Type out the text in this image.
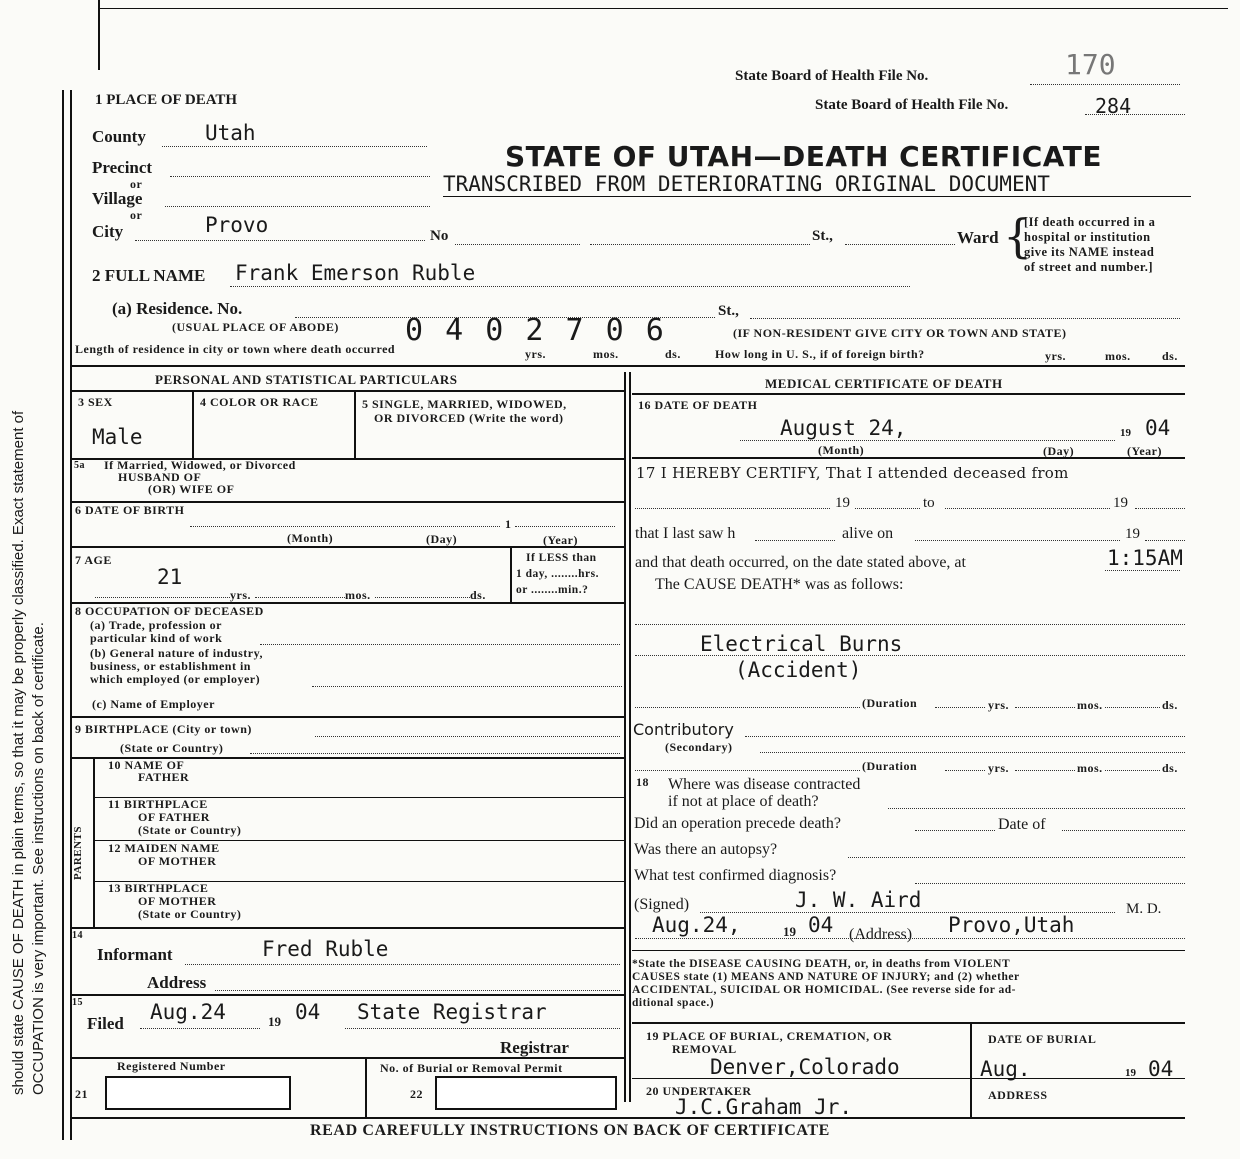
should state CAUSE OF DEATH in plain terms, so that it may be properly classified. Exact statement of OCCUPATION is very important. See instructions on back of certificate.
State Board of Health File No.	170
State Board of Health File No.	284
1 PLACE OF DEATH
County	Utah
Precinct
or
Village
or
City	Provo	No	St.,	Ward {
[If death occurred in a
hospital or institution
give its NAME instead
of street and number.]
STATE OF UTAH—DEATH CERTIFICATE
TRANSCRIBED FROM DETERIORATING ORIGINAL DOCUMENT
2 FULL NAME Frank Emerson Ruble
(a) Residence. No.	St.,
(USUAL PLACE OF ABODE)	(IF NON-RESIDENT GIVE CITY OR TOWN AND STATE)
0 4 0 2 7 0 6
Length of residence in city or town where death occurred	yrs.	mos.	ds.	How long in U. S., if of foreign birth?	yrs.	mos.	ds.
PERSONAL AND STATISTICAL PARTICULARS	MEDICAL CERTIFICATE OF DEATH
3 SEX
Male
4 COLOR OR RACE	5 SINGLE, MARRIED, WIDOWED,
OR DIVORCED (Write the word)
5a If Married, Widowed, or Divorced
HUSBAND OF
(OR) WIFE OF
6 DATE OF BIRTH
1
(Month)	(Day)	(Year)
7 AGE
21
yrs.	mos.	ds.
If LESS than
1 day, ........hrs.
or ........min.?
8 OCCUPATION OF DECEASED
(a) Trade, profession or
particular kind of work
(b) General nature of industry,
business, or establishment in
which employed (or employer)
(c) Name of Employer
9 BIRTHPLACE (City or town)
(State or Country)
PARENTS
10 NAME OF
FATHER
11 BIRTHPLACE
OF FATHER
(State or Country)
12 MAIDEN NAME
OF MOTHER
13 BIRTHPLACE
OF MOTHER
(State or Country)
14
Informant	Fred Ruble
Address
15
Filed Aug.24	19 04 State Registrar
Registrar
Registered Number	No. of Burial or Removal Permit
21	22
16 DATE OF DEATH
August 24,	19 04
(Month)	(Day)	(Year)
17 I HEREBY CERTIFY, That I attended deceased from
19	to	19
that I last saw h	alive on	19
and that death occurred, on the date stated above, at	1:15AM
The CAUSE DEATH* was as follows:
Electrical Burns
(Accident)
(Duration	yrs.	mos.	ds.
Contributory
(Secondary)
(Duration	yrs.	mos.	ds.
18 Where was disease contracted
if not at place of death?
Did an operation precede death?	Date of
Was there an autopsy?
What test confirmed diagnosis?
(Signed)	J. W. Aird	M. D.
Aug.24,	19 04 (Address) Provo,Utah
*State the DISEASE CAUSING DEATH, or, in deaths from VIOLENT
CAUSES state (1) MEANS AND NATURE OF INJURY; and (2) whether
ACCIDENTAL, SUICIDAL OR HOMICIDAL. (See reverse side for ad-
ditional space.)
19 PLACE OF BURIAL, CREMATION, OR
REMOVAL
Denver,Colorado
DATE OF BURIAL
Aug.	19 04
20 UNDERTAKER
J.C.Graham Jr.	ADDRESS
READ CAREFULLY INSTRUCTIONS ON BACK OF CERTIFICATE
